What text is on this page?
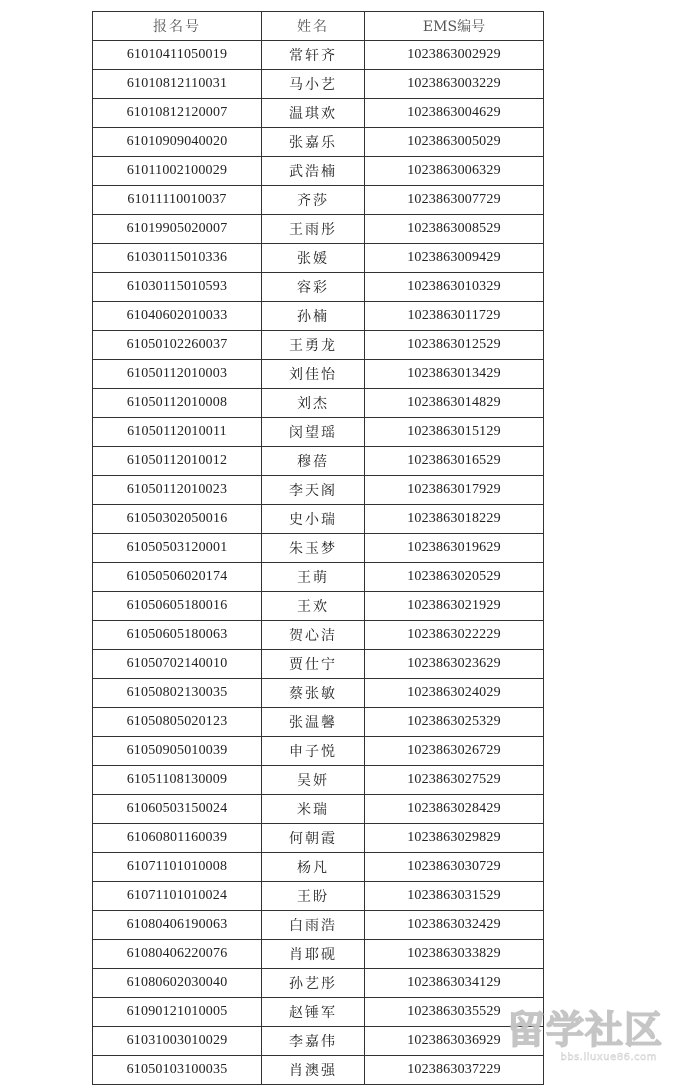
报名号	姓名	EMS编号
61010411050019	常轩齐	1023863002929
61010812110031	马小艺	1023863003229
61010812120007	温琪欢	1023863004629
61010909040020	张嘉乐	1023863005029
61011002100029	武浩楠	1023863006329
61011110010037	齐莎	1023863007729
61019905020007	王雨彤	1023863008529
61030115010336	张媛	1023863009429
61030115010593	容彩	1023863010329
61040602010033	孙楠	1023863011729
61050102260037	王勇龙	1023863012529
61050112010003	刘佳怡	1023863013429
61050112010008	刘杰	1023863014829
61050112010011	闵望瑶	1023863015129
61050112010012	穆蓓	1023863016529
61050112010023	李天阁	1023863017929
61050302050016	史小瑞	1023863018229
61050503120001	朱玉梦	1023863019629
61050506020174	王萌	1023863020529
61050605180016	王欢	1023863021929
61050605180063	贺心洁	1023863022229
61050702140010	贾仕宁	1023863023629
61050802130035	蔡张敏	1023863024029
61050805020123	张温馨	1023863025329
61050905010039	申子悦	1023863026729
61051108130009	吴妍	1023863027529
61060503150024	米瑞	1023863028429
61060801160039	何朝霞	1023863029829
61071101010008	杨凡	1023863030729
61071101010024	王盼	1023863031529
61080406190063	白雨浩	1023863032429
61080406220076	肖耶砚	1023863033829
61080602030040	孙艺彤	1023863034129
61090121010005	赵锤军	1023863035529
61031003010029	李嘉伟	1023863036929
61050103100035	肖澳强	1023863037229
留学社区
bbs.liuxue86.com
